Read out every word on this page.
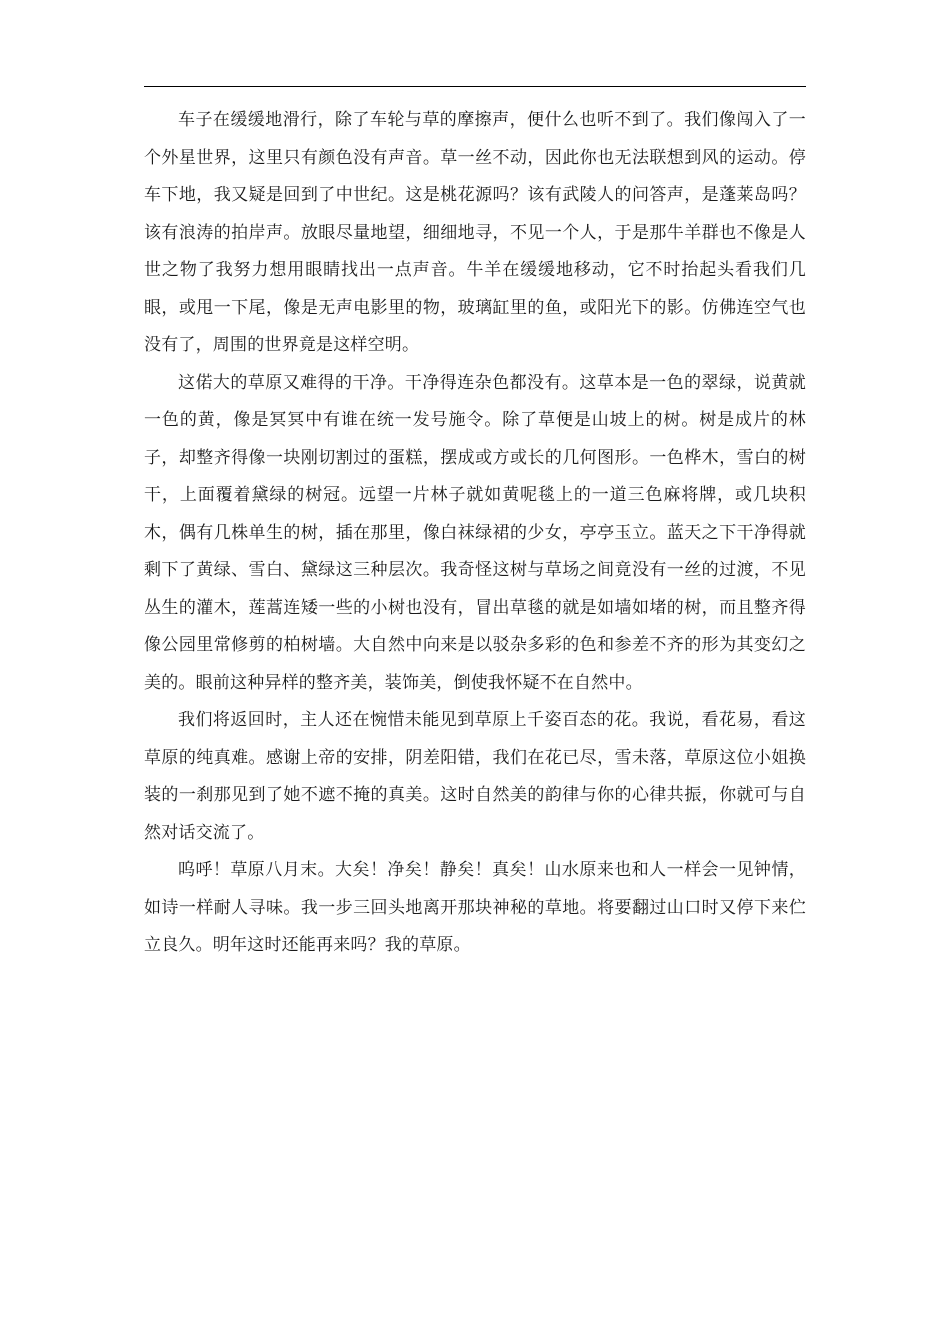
车子在缓缓地滑行，除了车轮与草的摩擦声，便什么也听不到了。我们像闯入了一个外星世界，这里只有颜色没有声音。草一丝不动，因此你也无法联想到风的运动。停车下地，我又疑是回到了中世纪。这是桃花源吗？该有武陵人的问答声，是蓬莱岛吗？该有浪涛的拍岸声。放眼尽量地望，细细地寻，不见一个人，于是那牛羊群也不像是人世之物了我努力想用眼睛找出一点声音。牛羊在缓缓地移动，它不时抬起头看我们几眼，或甩一下尾，像是无声电影里的物，玻璃缸里的鱼，或阳光下的影。仿佛连空气也没有了，周围的世界竟是这样空明。

这偌大的草原又难得的干净。干净得连杂色都没有。这草本是一色的翠绿，说黄就一色的黄，像是冥冥中有谁在统一发号施令。除了草便是山坡上的树。树是成片的林子，却整齐得像一块刚切割过的蛋糕，摆成或方或长的几何图形。一色桦木，雪白的树干，上面覆着黛绿的树冠。远望一片林子就如黄呢毯上的一道三色麻将牌，或几块积木，偶有几株单生的树，插在那里，像白袜绿裙的少女，亭亭玉立。蓝天之下干净得就剩下了黄绿、雪白、黛绿这三种层次。我奇怪这树与草场之间竟没有一丝的过渡，不见丛生的灌木，莲蒿连矮一些的小树也没有，冒出草毯的就是如墙如堵的树，而且整齐得像公园里常修剪的柏树墙。大自然中向来是以驳杂多彩的色和参差不齐的形为其变幻之美的。眼前这种异样的整齐美，装饰美，倒使我怀疑不在自然中。

我们将返回时，主人还在惋惜未能见到草原上千姿百态的花。我说，看花易，看这草原的纯真难。感谢上帝的安排，阴差阳错，我们在花已尽，雪未落，草原这位小姐换装的一刹那见到了她不遮不掩的真美。这时自然美的韵律与你的心律共振，你就可与自然对话交流了。

呜呼！草原八月末。大矣！净矣！静矣！真矣！山水原来也和人一样会一见钟情，如诗一样耐人寻味。我一步三回头地离开那块神秘的草地。将要翻过山口时又停下来伫立良久。明年这时还能再来吗？我的草原。
